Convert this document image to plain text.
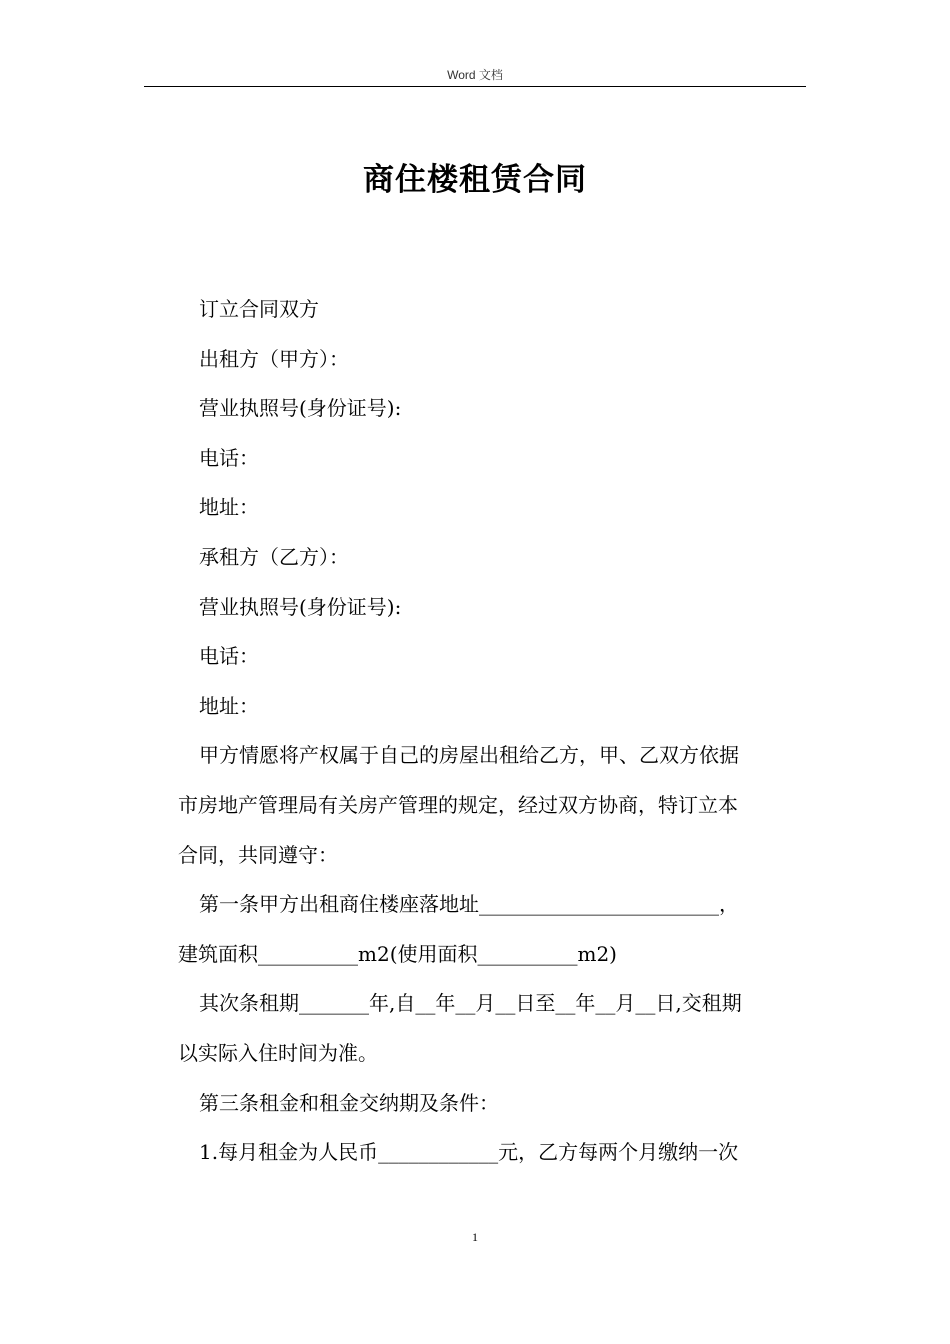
Word 文档
商住楼租赁合同
订立合同双方
出租方（甲方）：
营业执照号(身份证号):
电话：
地址：
承租方（乙方）：
营业执照号(身份证号):
电话：
地址：
甲方情愿将产权属于自己的房屋出租给乙方，甲、乙双方依据
市房地产管理局有关房产管理的规定，经过双方协商，特订立本
合同，共同遵守：
第一条甲方出租商住楼座落地址________________________，
建筑面积__________m2(使用面积__________m2)
其次条租期_______年,自__年__月__日至__年__月__日,交租期
以实际入住时间为准。
第三条租金和租金交纳期及条件：
1.每月租金为人民币____________元，乙方每两个月缴纳一次
1
